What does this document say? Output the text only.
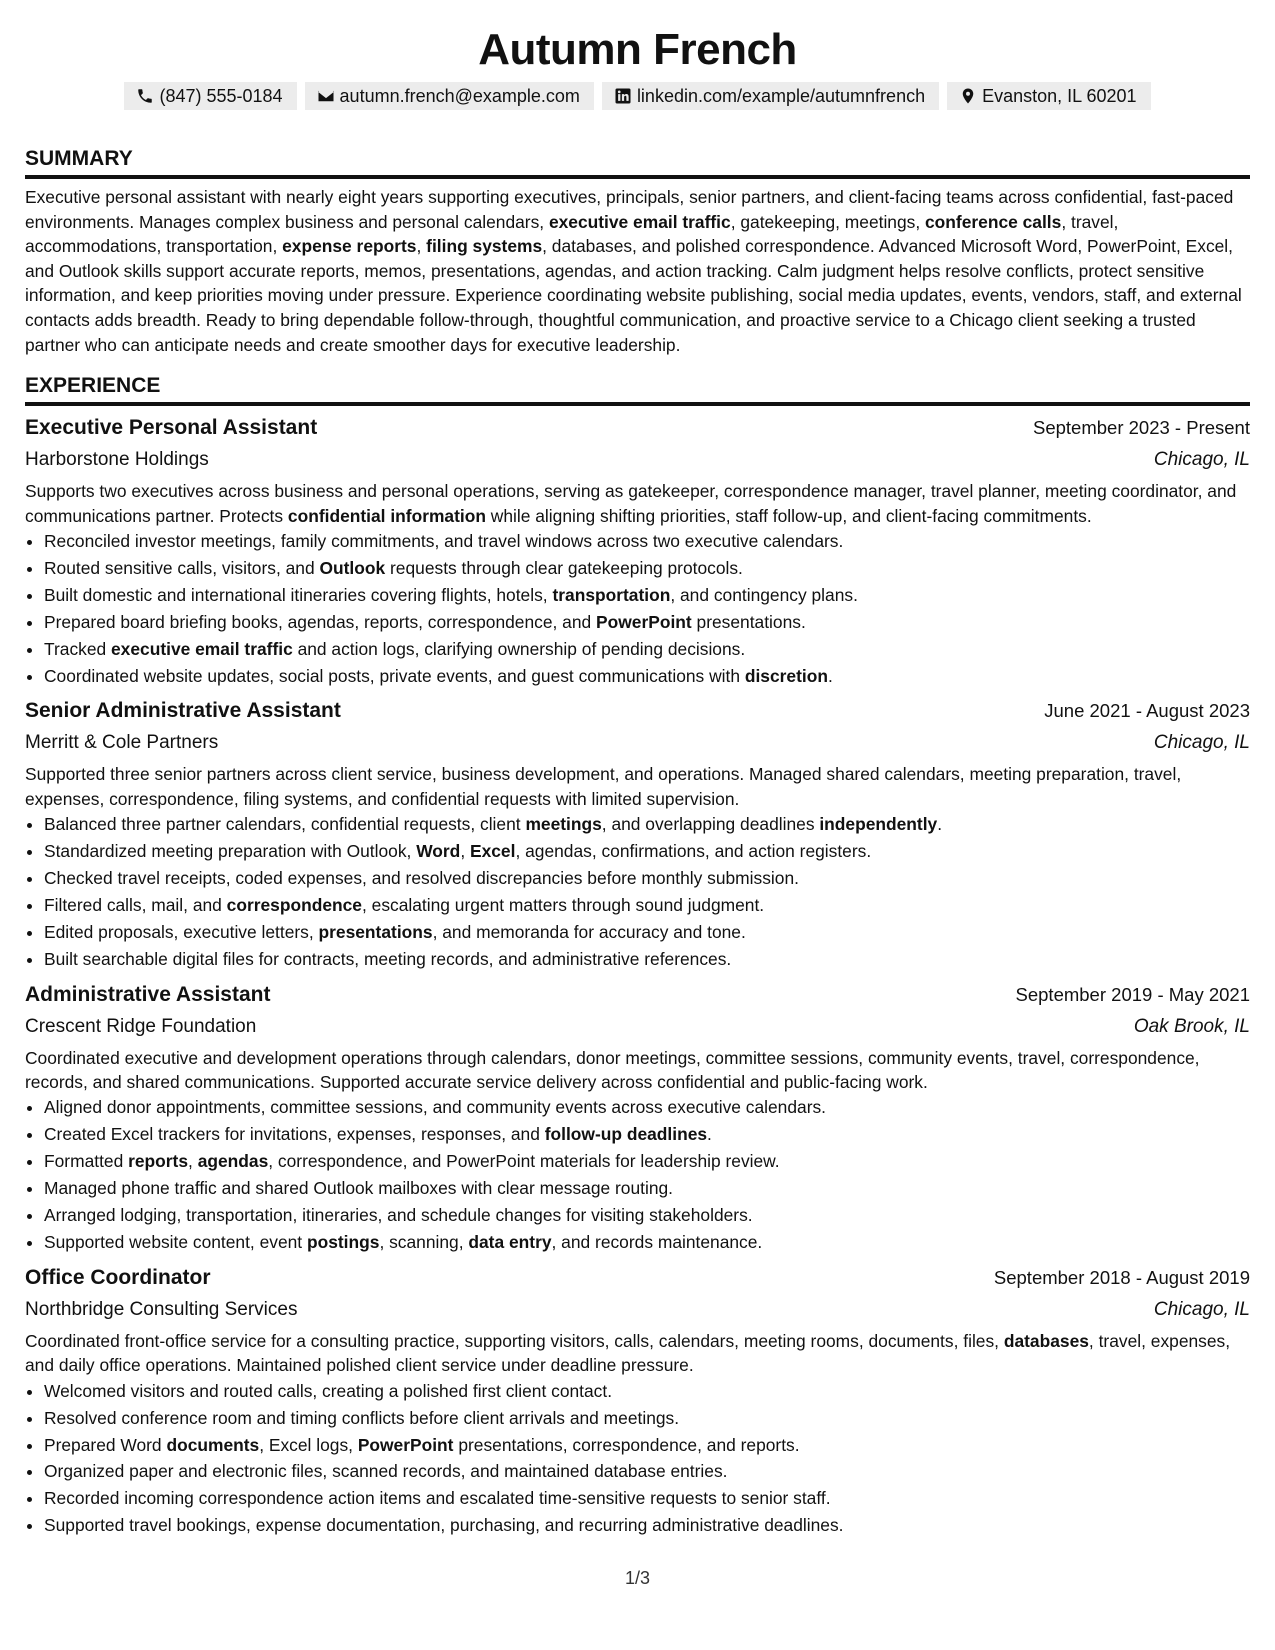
Autumn French
(847) 555-0184	autumn.french@example.com	linkedin.com/example/autumnfrench	Evanston, IL 60201
SUMMARY

Executive personal assistant with nearly eight years supporting executives, principals, senior partners, and client-facing teams across confidential, fast-paced environments. Manages complex business and personal calendars, executive email traffic, gatekeeping, meetings, conference calls, travel, accommodations, transportation, expense reports, filing systems, databases, and polished correspondence. Advanced Microsoft Word, PowerPoint, Excel, and Outlook skills support accurate reports, memos, presentations, agendas, and action tracking. Calm judgment helps resolve conflicts, protect sensitive information, and keep priorities moving under pressure. Experience coordinating website publishing, social media updates, events, vendors, staff, and external contacts adds breadth. Ready to bring dependable follow-through, thoughtful communication, and proactive service to a Chicago client seeking a trusted partner who can anticipate needs and create smoother days for executive leadership.

EXPERIENCE
Executive Personal Assistant	September 2023 - Present
Harborstone Holdings	Chicago, IL

Supports two executives across business and personal operations, serving as gatekeeper, correspondence manager, travel planner, meeting coordinator, and communications partner. Protects confidential information while aligning shifting priorities, staff follow-up, and client-facing commitments.

• Reconciled investor meetings, family commitments, and travel windows across two executive calendars.
• Routed sensitive calls, visitors, and Outlook requests through clear gatekeeping protocols.
• Built domestic and international itineraries covering flights, hotels, transportation, and contingency plans.
• Prepared board briefing books, agendas, reports, correspondence, and PowerPoint presentations.
• Tracked executive email traffic and action logs, clarifying ownership of pending decisions.
• Coordinated website updates, social posts, private events, and guest communications with discretion.
Senior Administrative Assistant	June 2021 - August 2023
Merritt & Cole Partners	Chicago, IL

Supported three senior partners across client service, business development, and operations. Managed shared calendars, meeting preparation, travel, expenses, correspondence, filing systems, and confidential requests with limited supervision.

• Balanced three partner calendars, confidential requests, client meetings, and overlapping deadlines independently.
• Standardized meeting preparation with Outlook, Word, Excel, agendas, confirmations, and action registers.
• Checked travel receipts, coded expenses, and resolved discrepancies before monthly submission.
• Filtered calls, mail, and correspondence, escalating urgent matters through sound judgment.
• Edited proposals, executive letters, presentations, and memoranda for accuracy and tone.
• Built searchable digital files for contracts, meeting records, and administrative references.
Administrative Assistant	September 2019 - May 2021
Crescent Ridge Foundation	Oak Brook, IL

Coordinated executive and development operations through calendars, donor meetings, committee sessions, community events, travel, correspondence, records, and shared communications. Supported accurate service delivery across confidential and public-facing work.

• Aligned donor appointments, committee sessions, and community events across executive calendars.
• Created Excel trackers for invitations, expenses, responses, and follow-up deadlines.
• Formatted reports, agendas, correspondence, and PowerPoint materials for leadership review.
• Managed phone traffic and shared Outlook mailboxes with clear message routing.
• Arranged lodging, transportation, itineraries, and schedule changes for visiting stakeholders.
• Supported website content, event postings, scanning, data entry, and records maintenance.
Office Coordinator	September 2018 - August 2019
Northbridge Consulting Services	Chicago, IL

Coordinated front-office service for a consulting practice, supporting visitors, calls, calendars, meeting rooms, documents, files, databases, travel, expenses, and daily office operations. Maintained polished client service under deadline pressure.

• Welcomed visitors and routed calls, creating a polished first client contact.
• Resolved conference room and timing conflicts before client arrivals and meetings.
• Prepared Word documents, Excel logs, PowerPoint presentations, correspondence, and reports.
• Organized paper and electronic files, scanned records, and maintained database entries.
• Recorded incoming correspondence action items and escalated time-sensitive requests to senior staff.
• Supported travel bookings, expense documentation, purchasing, and recurring administrative deadlines.
1/3
